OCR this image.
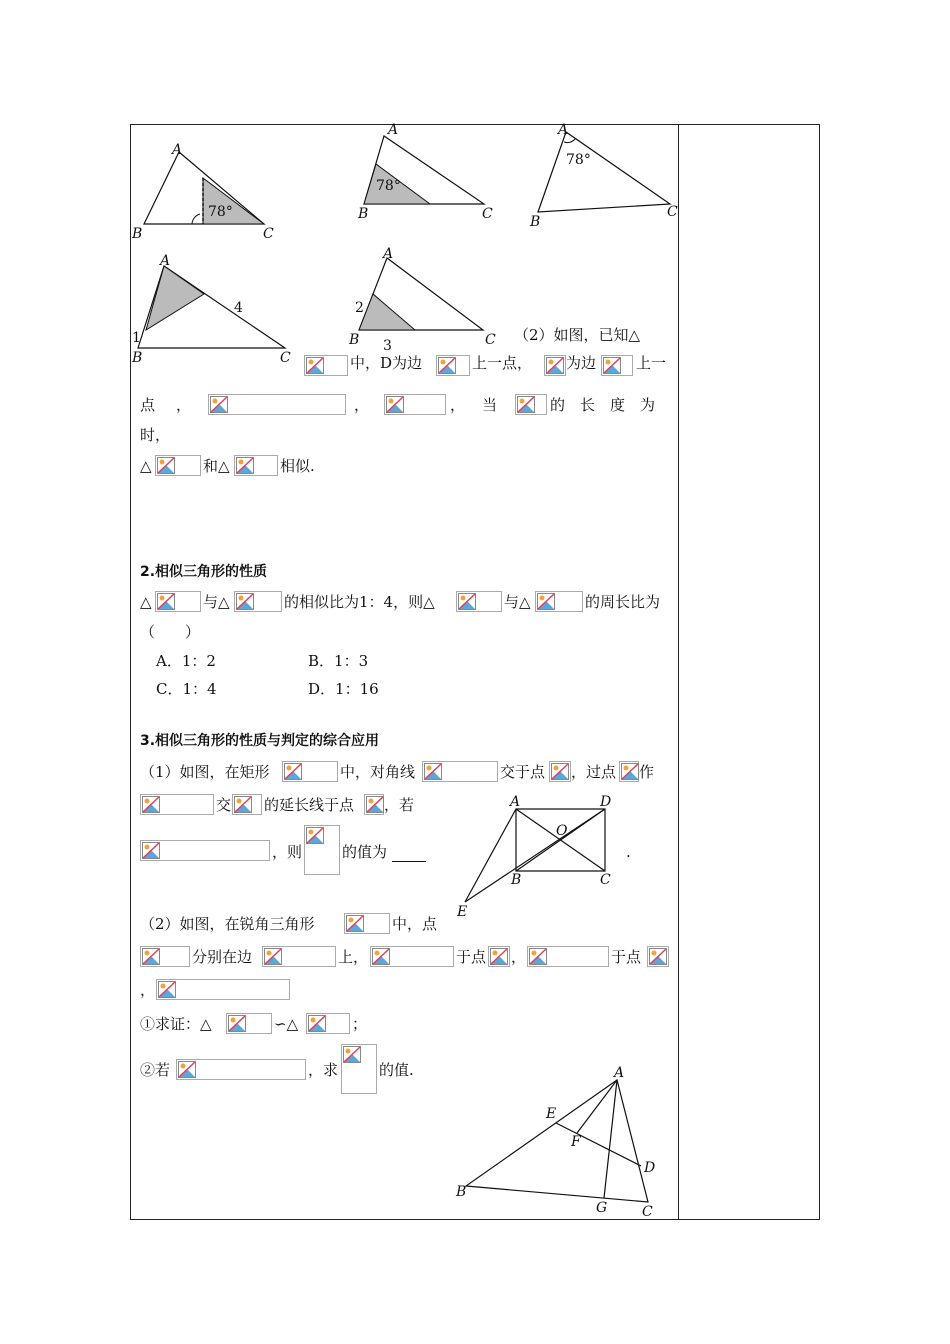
78°
A
B	C
78°
A
B	C
78°
A
B
C
A
B	C
1
4
A
B	C
2
3
（2）如图，已知△
中，D为边	上一点， 为边	上一
点 ，	，	， 当	的　长　度　为
时，
△	和△	相似.
2.相似三角形的性质
△	与△	的相似比为1：4，则△	与△	的周长比为
（　　）
A．1：2	B．1：3
C．1：4	D．1：16
3.相似三角形的性质与判定的综合应用
（1）如图，在矩形	中，对角线	交于点 ，过点 作
交 的延长线于点 ，若
，则	的值为	.
A	D
O
B	C
E
（2）如图，在锐角三角形	中，点
分别在边	上，	于点 ，	于点
，
①求证：△	∽△	；
②若	，求	的值.	A
E
F
D
B
G C
